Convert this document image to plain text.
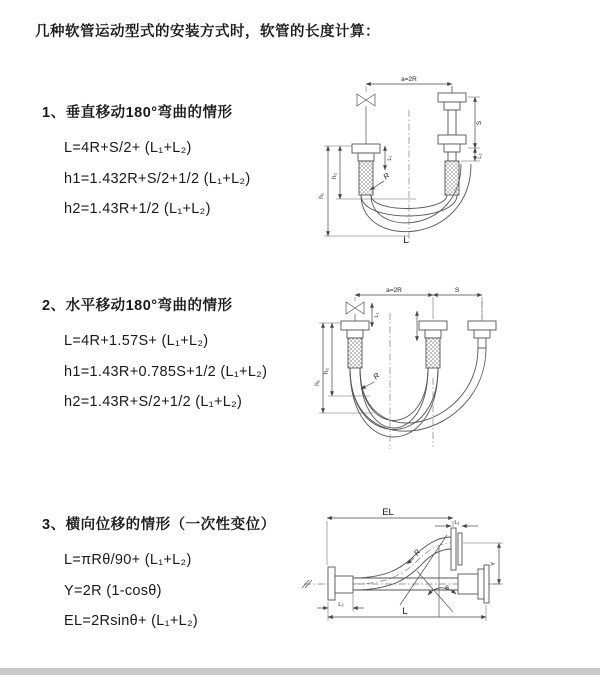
几种软管运动型式的安装方式时，软管的长度计算：
1、垂直移动180°弯曲的情形
L=4R+S/2+ (L₁+L₂)
h1=1.432R+S/2+1/2 (L₁+L₂)
h2=1.43R+1/2 (L₁+L₂)
2、水平移动180°弯曲的情形
L=4R+1.57S+ (L₁+L₂)
h1=1.43R+0.785S+1/2 (L₁+L₂)
h2=1.43R+S/2+1/2 (L₁+L₂)
3、横向位移的情形（一次性变位）
L=πRθ/90+ (L₁+L₂)
Y=2R (1-cosθ)
EL=2Rsinθ+ (L₁+L₂)
a=2R
h₁
h₂
L₁
S
L₂
R
L
a=2R	S
h₁
h₂
L₁
R
θ
EL
L₁
Y
L₂
L
R
